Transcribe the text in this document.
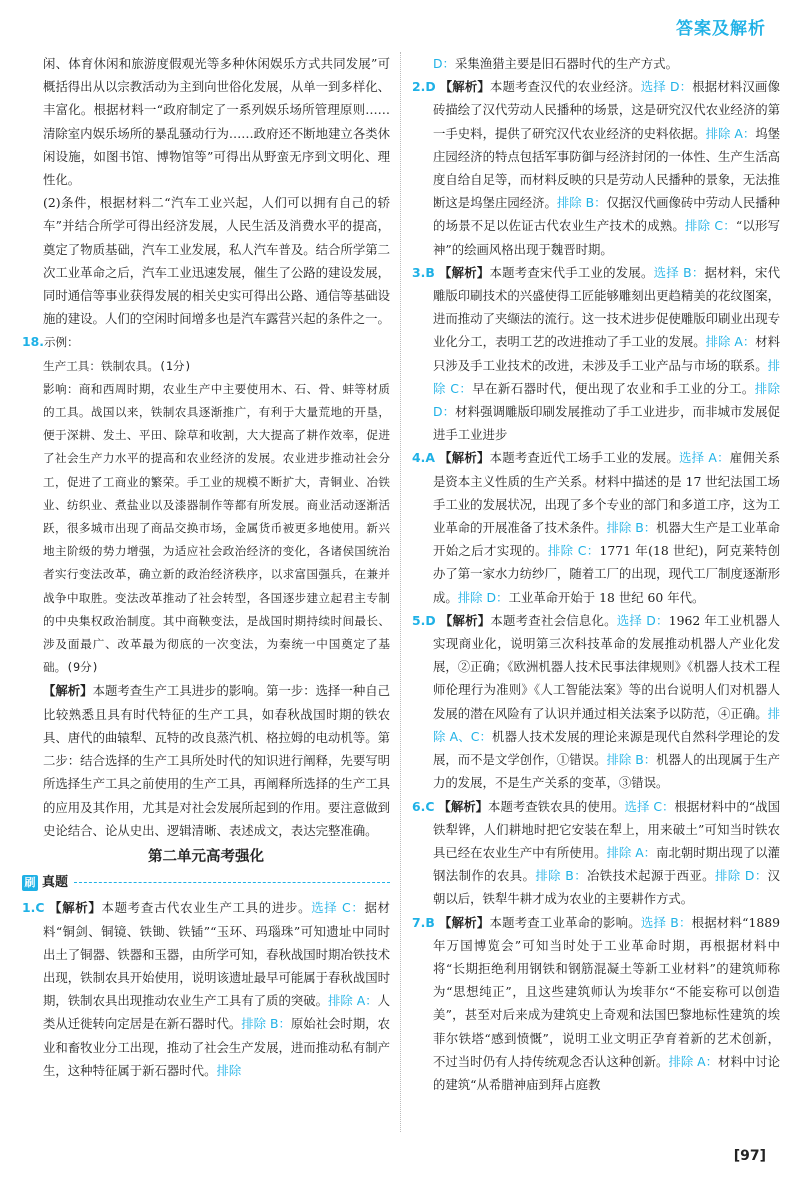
答案及解析

闲、体育休闲和旅游度假观光等多种休闲娱乐方式共同发展”可概括得出从以宗教活动为主到向世俗化发展，从单一到多样化、丰富化。根据材料一“政府制定了一系列娱乐场所管理原则……清除室内娱乐场所的暴乱骚动行为……政府还不断地建立各类休闲设施，如图书馆、博物馆等”可得出从野蛮无序到文明化、理性化。

(2)条件，根据材料二“汽车工业兴起，人们可以拥有自己的轿车”并结合所学可得出经济发展，人民生活及消费水平的提高，奠定了物质基础，汽车工业发展，私人汽车普及。结合所学第二次工业革命之后，汽车工业迅速发展，催生了公路的建设发展，同时通信等事业获得发展的相关史实可得出公路、通信等基础设施的建设。人们的空闲时间增多也是汽车露营兴起的条件之一。

18.示例：

生产工具：铁制农具。(1分)

影响：商和西周时期，农业生产中主要使用木、石、骨、蚌等材质的工具。战国以来，铁制农具逐渐推广，有利于大量荒地的开垦，便于深耕、发土、平田、除草和收割，大大提高了耕作效率，促进了社会生产力水平的提高和农业经济的发展。农业进步推动社会分工，促进了工商业的繁荣。手工业的规模不断扩大，青铜业、冶铁业、纺织业、煮盐业以及漆器制作等都有所发展。商业活动逐渐活跃，很多城市出现了商品交换市场，金属货币被更多地使用。新兴地主阶级的势力增强，为适应社会政治经济的变化，各诸侯国统治者实行变法改革，确立新的政治经济秩序，以求富国强兵，在兼并战争中取胜。变法改革推动了社会转型，各国逐步建立起君主专制的中央集权政治制度。其中商鞅变法，是战国时期持续时间最长、涉及面最广、改革最为彻底的一次变法，为秦统一中国奠定了基础。(9分)

【解析】本题考查生产工具进步的影响。第一步：选择一种自己比较熟悉且具有时代特征的生产工具，如春秋战国时期的铁农具、唐代的曲辕犁、瓦特的改良蒸汽机、格拉姆的电动机等。第二步：结合选择的生产工具所处时代的知识进行阐释，先要写明所选择生产工具之前使用的生产工具，再阐释所选择的生产工具的应用及其作用，尤其是对社会发展所起到的作用。要注意做到史论结合、论从史出、逻辑清晰、表述成文，表达完整准确。

第二单元高考强化
刷 真题

1.C 【解析】本题考查古代农业生产工具的进步。选择 C：据材料“铜剑、铜镜、铁锄、铁锸”“玉环、玛瑙珠”可知遗址中同时出土了铜器、铁器和玉器，由所学可知，春秋战国时期冶铁技术出现，铁制农具开始使用，说明该遗址最早可能属于春秋战国时期，铁制农具出现推动农业生产工具有了质的突破。排除 A：人类从迁徙转向定居是在新石器时代。排除 B：原始社会时期，农业和畜牧业分工出现，推动了社会生产发展，进而推动私有制产生，这种特征属于新石器时代。排除

D：采集渔猎主要是旧石器时代的生产方式。

2.D 【解析】本题考查汉代的农业经济。选择 D：根据材料汉画像砖描绘了汉代劳动人民播种的场景，这是研究汉代农业经济的第一手史料，提供了研究汉代农业经济的史料依据。排除 A：坞堡庄园经济的特点包括军事防御与经济封闭的一体性、生产生活高度自给自足等，而材料反映的只是劳动人民播种的景象，无法推断这是坞堡庄园经济。排除 B：仅据汉代画像砖中劳动人民播种的场景不足以佐证古代农业生产技术的成熟。排除 C：“以形写神”的绘画风格出现于魏晋时期。

3.B 【解析】本题考查宋代手工业的发展。选择 B：据材料，宋代雕版印刷技术的兴盛使得工匠能够雕刻出更趋精美的花纹图案，进而推动了夹缬法的流行。这一技术进步促使雕版印刷业出现专业化分工，表明工艺的改进推动了手工业的发展。排除 A：材料只涉及手工业技术的改进，未涉及手工业产品与市场的联系。排除 C：早在新石器时代，便出现了农业和手工业的分工。排除 D：材料强调雕版印刷发展推动了手工业进步，而非城市发展促进手工业进步

4.A 【解析】本题考查近代工场手工业的发展。选择 A：雇佣关系是资本主义性质的生产关系。材料中描述的是 17 世纪法国工场手工业的发展状况，出现了多个专业的部门和多道工序，这为工业革命的开展准备了技术条件。排除 B：机器大生产是工业革命开始之后才实现的。排除 C：1771 年(18 世纪)，阿克莱特创办了第一家水力纺纱厂，随着工厂的出现，现代工厂制度逐渐形成。排除 D：工业革命开始于 18 世纪 60 年代。

5.D 【解析】本题考查社会信息化。选择 D：1962 年工业机器人实现商业化，说明第三次科技革命的发展推动机器人产业化发展，②正确；《欧洲机器人技术民事法律规则》《机器人技术工程师伦理行为准则》《人工智能法案》等的出台说明人们对机器人发展的潜在风险有了认识并通过相关法案予以防范，④正确。排除 A、C：机器人技术发展的理论来源是现代自然科学理论的发展，而不是文学创作，①错误。排除 B：机器人的出现属于生产力的发展，不是生产关系的变革，③错误。

6.C 【解析】本题考查铁农具的使用。选择 C：根据材料中的“战国铁犁铧，人们耕地时把它安装在犁上，用来破土”可知当时铁农具已经在农业生产中有所使用。排除 A：南北朝时期出现了以灌钢法制作的农具。排除 B：冶铁技术起源于西亚。排除 D：汉朝以后，铁犁牛耕才成为农业的主要耕作方式。

7.B 【解析】本题考查工业革命的影响。选择 B：根据材料“1889 年万国博览会”可知当时处于工业革命时期，再根据材料中将“长期拒绝利用钢铁和钢筋混凝土等新工业材料”的建筑师称为“思想纯正”，且这些建筑师认为埃菲尔“不能妄称可以创造美”，甚至对后来成为建筑史上奇观和法国巴黎地标性建筑的埃菲尔铁塔“感到愤慨”，说明工业文明正孕育着新的艺术创新，不过当时仍有人持传统观念否认这种创新。排除 A：材料中讨论的建筑“从希腊神庙到拜占庭教

[97]
